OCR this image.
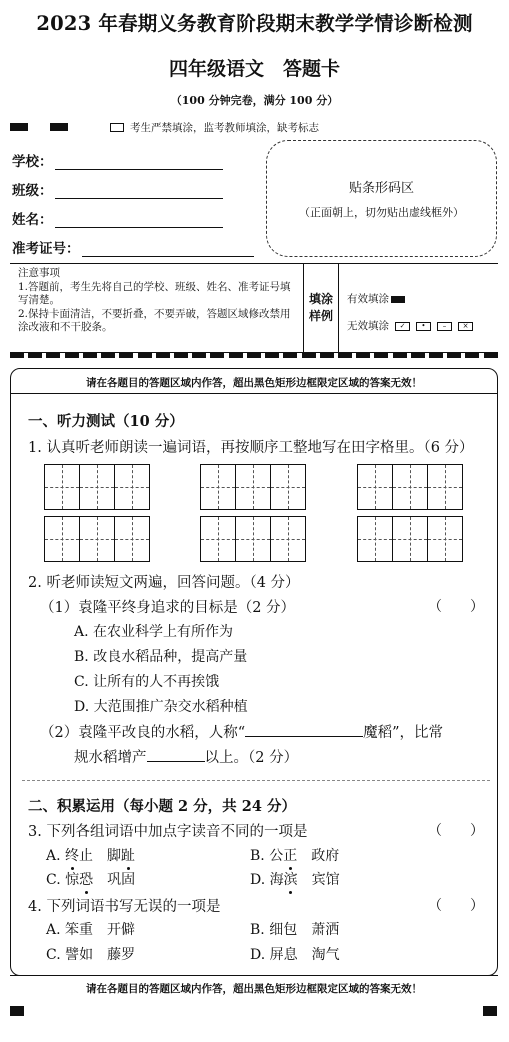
2023 年春期义务教育阶段期末教学学情诊断检测
四年级语文　答题卡
（100 分钟完卷，满分 100 分）
考生严禁填涂，监考教师填涂，缺考标志
学校：
班级：
姓名：
准考证号：
贴条形码区
（正面朝上，切勿贴出虚线框外）
注意事项
1.答题前，考生先将自己的学校、班级、姓名、准考证号填写清楚。
2.保持卡面清洁，不要折叠，不要弄破，答题区域修改禁用涂改液和不干胶条。
填涂
样例
有效填涂
无效填涂 ✓ • – ×
请在各题目的答题区域内作答，超出黑色矩形边框限定区域的答案无效！
一、听力测试（10 分）
1. 认真听老师朗读一遍词语，再按顺序工整地写在田字格里。（6 分）
2. 听老师读短文两遍，回答问题。（4 分）
（1）袁隆平终身追求的目标是（2 分）	（　　）
A. 在农业科学上有所作为
B. 改良水稻品种，提高产量
C. 让所有的人不再挨饿
D. 大范围推广杂交水稻种植
（2）袁隆平改良的水稻，人称“	魔稻”，比常
规水稻增产	以上。（2 分）
二、积累运用（每小题 2 分，共 24 分）
3. 下列各组词语中加点字读音不同的一项是	（　　）
A. 终止　脚趾	B. 公正　政府
C. 惊恐　巩固	D. 海滨　宾馆
4. 下列词语书写无误的一项是	（　　）
A. 笨重　开僻	B. 细包　萧洒
C. 譬如　藤罗	D. 屏息　淘气
请在各题目的答题区域内作答，超出黑色矩形边框限定区域的答案无效！
